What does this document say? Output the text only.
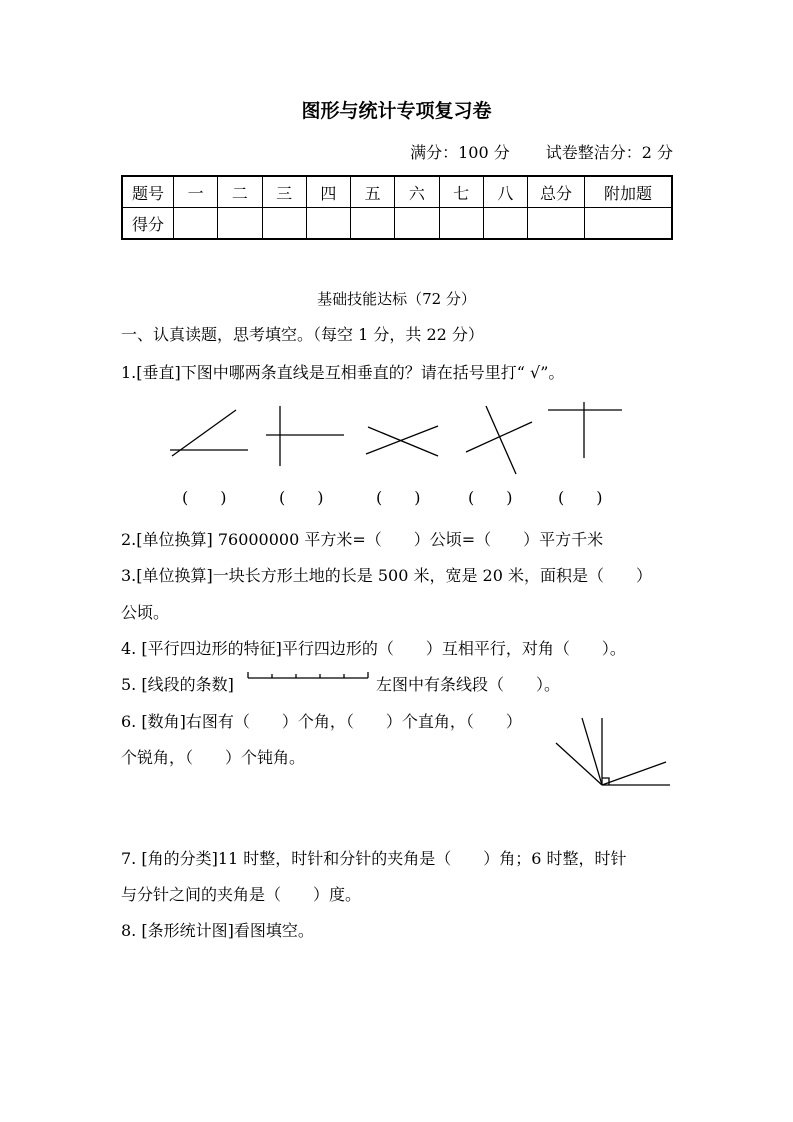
图形与统计专项复习卷
满分：100 分 试卷整洁分：2 分
题号	一	二	三	四	五	六	七	八	总分	附加题
得分										
基础技能达标（72 分）
一、认真读题，思考填空。（每空 1 分，共 22 分）
1.[垂直]下图中哪两条直线是互相垂直的？请在括号里打“ √”。
(　　)	(　　)	(　　)	(　　)	(　　)
2.[单位换算] 76000000 平方米=（　　）公顷=（　　）平方千米
3.[单位换算]一块长方形土地的长是 500 米，宽是 20 米，面积是（　　）
公顷。
4. [平行四边形的特征]平行四边形的（　　）互相平行，对角（　　）。
5. [线段的条数]	左图中有条线段（　　）。
6. [数角]右图有（　　）个角，（　　）个直角，（　　）
个锐角，（　　）个钝角。
7. [角的分类]11 时整，时针和分针的夹角是（　　）角；6 时整，时针
与分针之间的夹角是（　　）度。
8. [条形统计图]看图填空。
